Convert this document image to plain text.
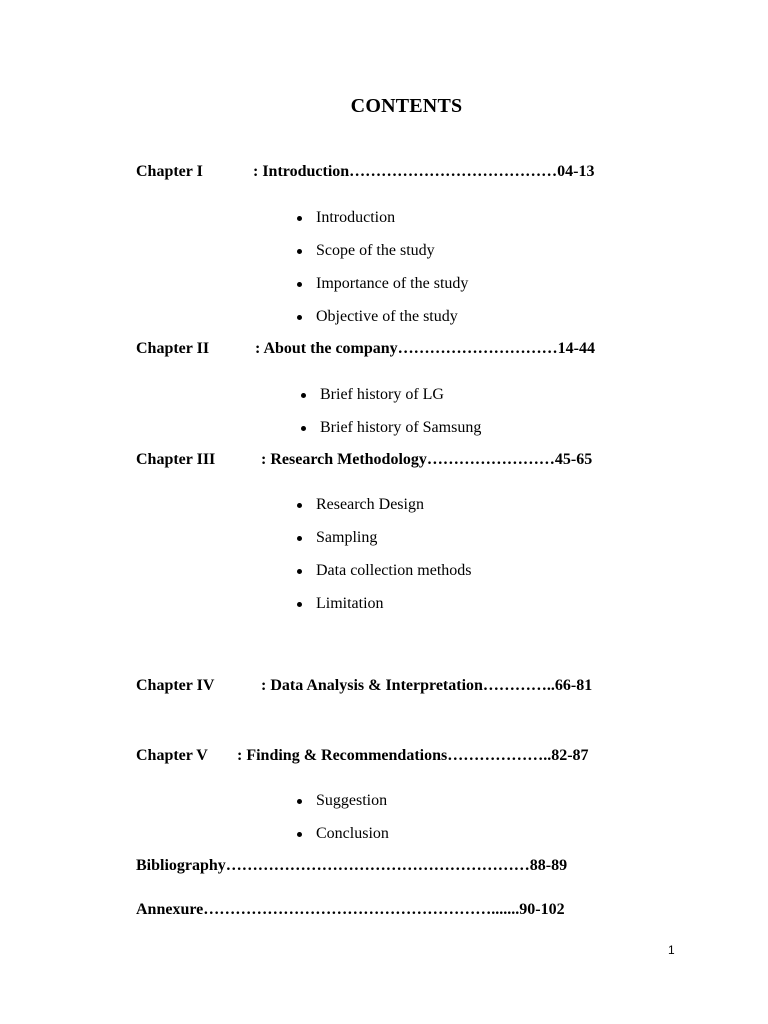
CONTENTS
Chapter I	: Introduction…………………………………04-13
Introduction
Scope of the study
Importance of the study
Objective of the study
Chapter II	: About the company…………………………14-44
Brief history of LG
Brief history of Samsung
Chapter III	: Research Methodology……………………45-65
Research Design
Sampling
Data collection methods
Limitation
Chapter IV	: Data Analysis & Interpretation…………..66-81
Chapter V : Finding & Recommendations………………..82-87
Suggestion
Conclusion
Bibliography…………………………………………………88-89
Annexure……………………………………………….......90-102
1
